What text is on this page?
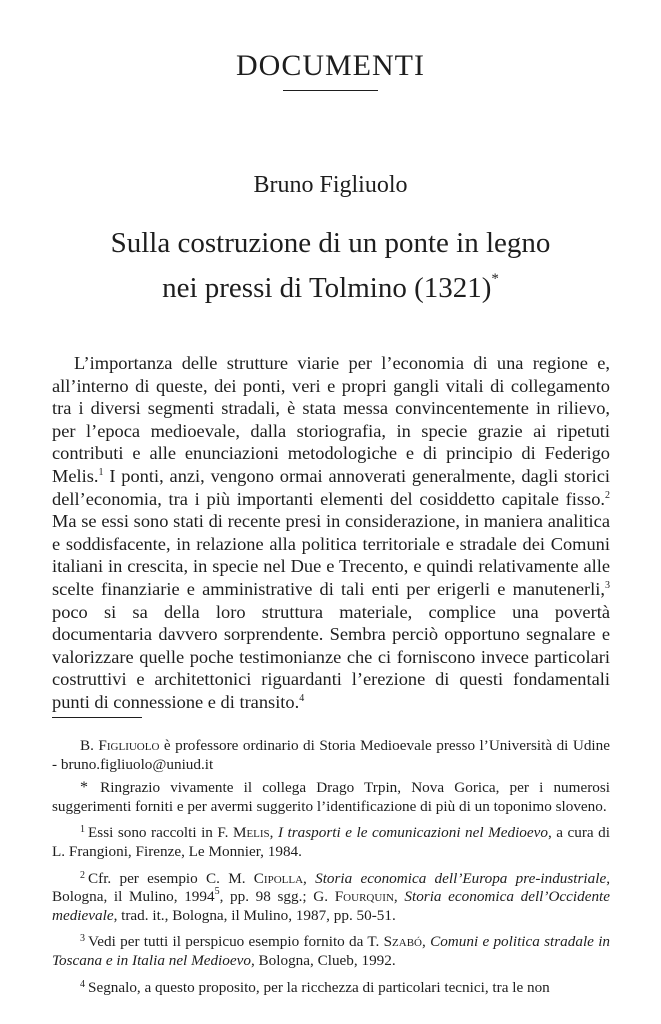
DOCUMENTI
Bruno Figliuolo
Sulla costruzione di un ponte in legno
nei pressi di Tolmino (1321)*
L’importanza delle strutture viarie per l’economia di una regione e, all’interno di queste, dei ponti, veri e propri gangli vitali di collegamento tra i diversi segmenti stradali, è stata messa convincentemente in rilievo, per l’epoca medioevale, dalla storiografia, in specie grazie ai ripetuti contributi e alle enunciazioni metodologiche e di principio di Federigo Melis.$^1$ I ponti, anzi, vengono ormai annoverati generalmente, dagli storici dell’economia, tra i più importanti elementi del cosiddetto capitale fisso.$^2$ Ma se essi sono stati di recente presi in considerazione, in maniera analitica e soddisfacente, in relazione alla politica territoriale e stradale dei Comuni italiani in crescita, in specie nel Due e Trecento, e quindi relativamente alle scelte finanziarie e amministrative di tali enti per erigerli e manutenerli,$^3$ poco si sa della loro struttura materiale, complice una povertà documentaria davvero sorprendente. Sembra perciò opportuno segnalare e valorizzare quelle poche testimonianze che ci forniscono invece particolari costruttivi e architettonici riguardanti l’erezione di questi fondamentali punti di connessione e di transito.$^4$

B. Figliuolo è professore ordinario di Storia Medioevale presso l’Università di Udine - bruno.figliuolo@uniud.it

* Ringrazio vivamente il collega Drago Trpin, Nova Gorica, per i numerosi suggerimenti forniti e per avermi suggerito l’identificazione di più di un toponimo sloveno.

$^1$ Essi sono raccolti in F. Melis, I trasporti e le comunicazioni nel Medioevo, a cura di L. Frangioni, Firenze, Le Monnier, 1984.

$^2$ Cfr. per esempio C. M. Cipolla, Storia economica dell’Europa pre-industriale, Bologna, il Mulino, 1994$^5$, pp. 98 sgg.; G. Fourquin, Storia economica dell’Occidente medievale, trad. it., Bologna, il Mulino, 1987, pp. 50-51.

$^3$ Vedi per tutti il perspicuo esempio fornito da T. Szabó, Comuni e politica stradale in Toscana e in Italia nel Medioevo, Bologna, Clueb, 1992.

$^4$ Segnalo, a questo proposito, per la ricchezza di particolari tecnici, tra le non
